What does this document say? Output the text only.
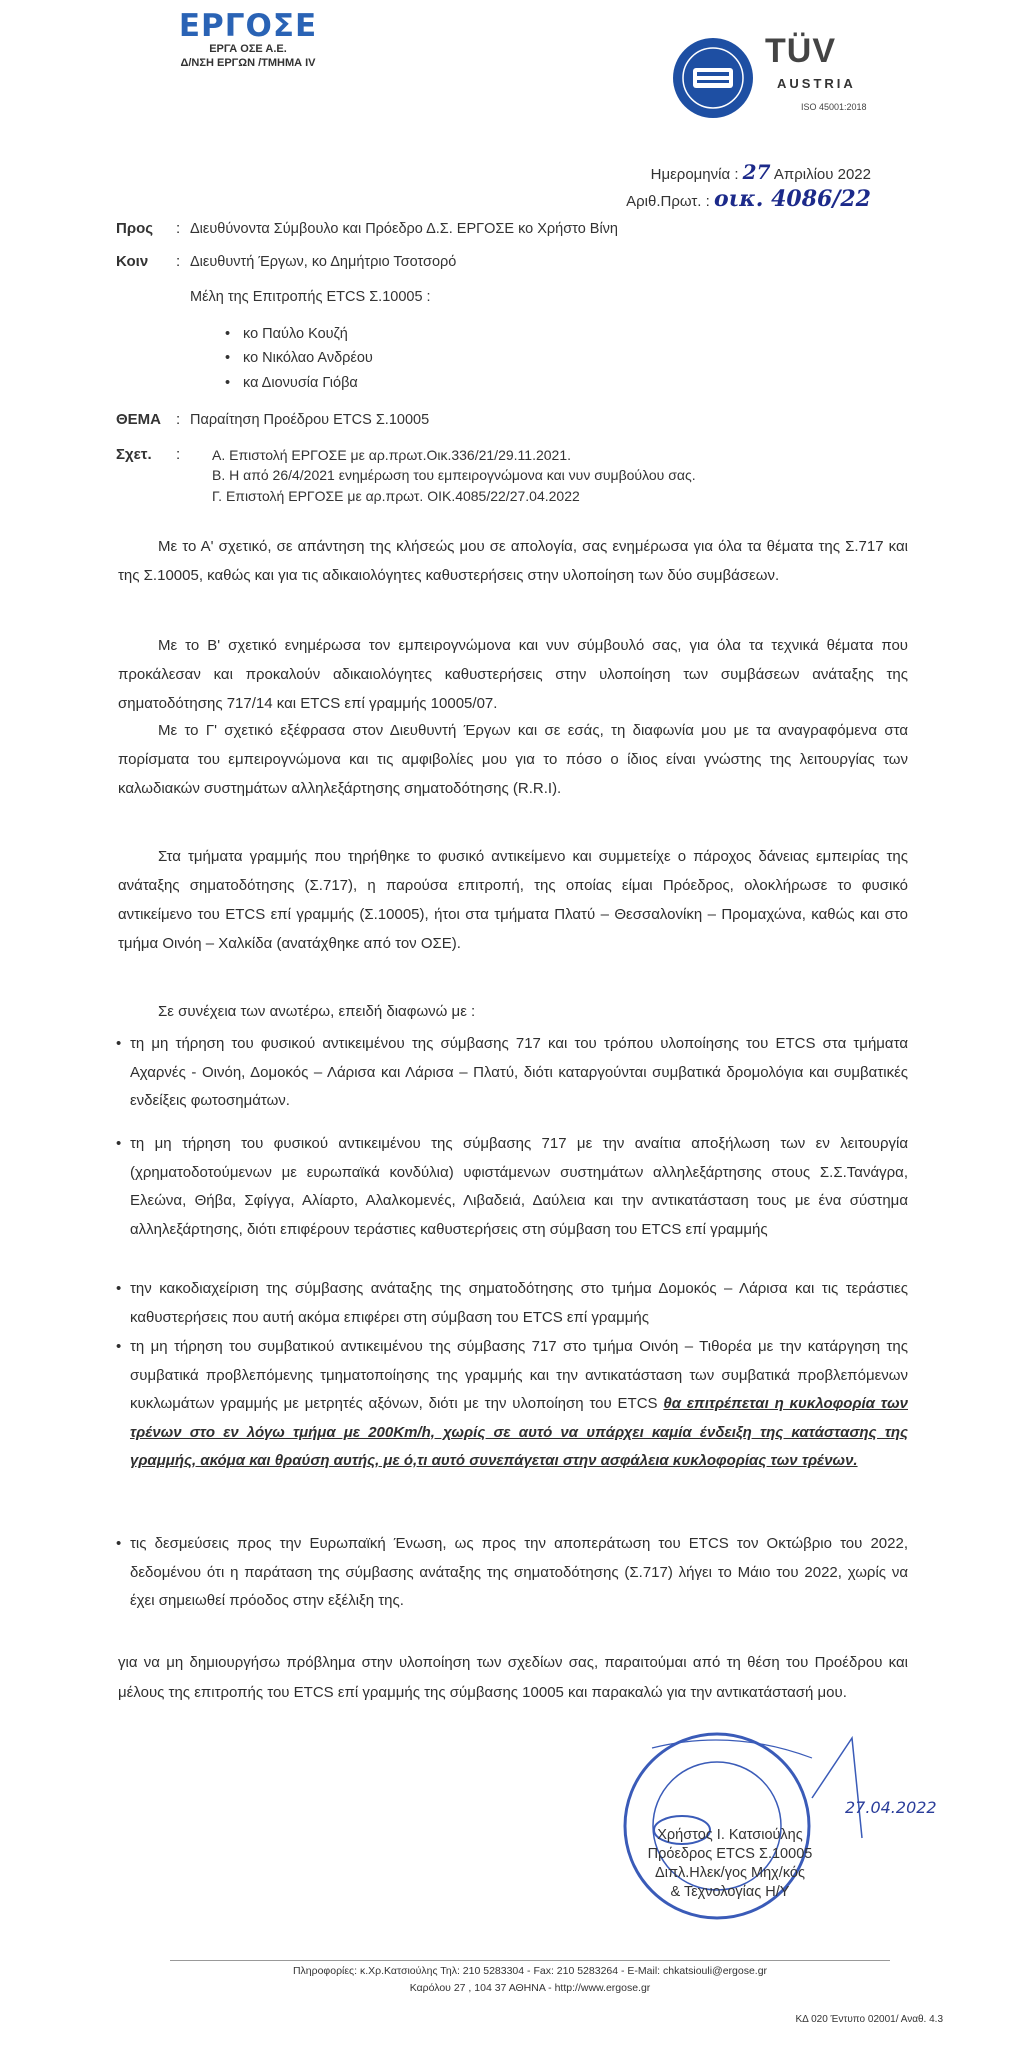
ΕΡΓΟΣΕ
ΕΡΓΑ ΟΣΕ Α.Ε.
Δ/ΝΣΗ ΕΡΓΩΝ /ΤΜΗΜΑ IV	TÜV
AUSTRIA
ISO 45001:2018
Ημερομηνία : 27 Απριλίου 2022
Αριθ.Πρωτ. : οικ. 4086/22
Προς : Διευθύνοντα Σύμβουλο και Πρόεδρο Δ.Σ. ΕΡΓΟΣΕ κο Χρήστο Βίνη
Κοιν : Διευθυντή Έργων, κο Δημήτριο Τσοτσορό
Μέλη της Επιτροπής ETCS Σ.10005 :
• κο Παύλο Κουζή
• κο Νικόλαο Ανδρέου
• κα Διονυσία Γιόβα
ΘΕΜΑ : Παραίτηση Προέδρου ETCS Σ.10005
Σχετ. : Α. Επιστολή ΕΡΓΟΣΕ με αρ.πρωτ.Οικ.336/21/29.11.2021.
Β. Η από 26/4/2021 ενημέρωση του εμπειρογνώμονα και νυν συμβούλου σας.
Γ. Επιστολή ΕΡΓΟΣΕ με αρ.πρωτ. ΟΙΚ.4085/22/27.04.2022
Με το Α' σχετικό, σε απάντηση της κλήσεώς μου σε απολογία, σας ενημέρωσα για όλα τα θέματα της Σ.717 και της Σ.10005, καθώς και για τις αδικαιολόγητες καθυστερήσεις στην υλοποίηση των δύο συμβάσεων.
Με το Β' σχετικό ενημέρωσα τον εμπειρογνώμονα και νυν σύμβουλό σας, για όλα τα τεχνικά θέματα που προκάλεσαν και προκαλούν αδικαιολόγητες καθυστερήσεις στην υλοποίηση των συμβάσεων ανάταξης της σηματοδότησης 717/14 και ETCS επί γραμμής 10005/07.
Με το Γ' σχετικό εξέφρασα στον Διευθυντή Έργων και σε εσάς, τη διαφωνία μου με τα αναγραφόμενα στα πορίσματα του εμπειρογνώμονα και τις αμφιβολίες μου για το πόσο ο ίδιος είναι γνώστης της λειτουργίας των καλωδιακών συστημάτων αλληλεξάρτησης σηματοδότησης (R.R.I).
Στα τμήματα γραμμής που τηρήθηκε το φυσικό αντικείμενο και συμμετείχε ο πάροχος δάνειας εμπειρίας της ανάταξης σηματοδότησης (Σ.717), η παρούσα επιτροπή, της οποίας είμαι Πρόεδρος, ολοκλήρωσε το φυσικό αντικείμενο του ETCS επί γραμμής (Σ.10005), ήτοι στα τμήματα Πλατύ – Θεσσαλονίκη – Προμαχώνα, καθώς και στο τμήμα Οινόη – Χαλκίδα (ανατάχθηκε από τον ΟΣΕ).
Σε συνέχεια των ανωτέρω, επειδή διαφωνώ με :
• τη μη τήρηση του φυσικού αντικειμένου της σύμβασης 717 και του τρόπου υλοποίησης του ETCS στα τμήματα Αχαρνές - Οινόη, Δομοκός – Λάρισα και Λάρισα – Πλατύ, διότι καταργούνται συμβατικά δρομολόγια και συμβατικές ενδείξεις φωτοσημάτων.
• τη μη τήρηση του φυσικού αντικειμένου της σύμβασης 717 με την αναίτια αποξήλωση των εν λειτουργία (χρηματοδοτούμενων με ευρωπαϊκά κονδύλια) υφιστάμενων συστημάτων αλληλεξάρτησης στους Σ.Σ.Τανάγρα, Ελεώνα, Θήβα, Σφίγγα, Αλίαρτο, Αλαλκομενές, Λιβαδειά, Δαύλεια και την αντικατάσταση τους με ένα σύστημα αλληλεξάρτησης, διότι επιφέρουν τεράστιες καθυστερήσεις στη σύμβαση του ETCS επί γραμμής
• την κακοδιαχείριση της σύμβασης ανάταξης της σηματοδότησης στο τμήμα Δομοκός – Λάρισα και τις τεράστιες καθυστερήσεις που αυτή ακόμα επιφέρει στη σύμβαση του ETCS επί γραμμής
• τη μη τήρηση του συμβατικού αντικειμένου της σύμβασης 717 στο τμήμα Οινόη – Τιθορέα με την κατάργηση της συμβατικά προβλεπόμενης τμηματοποίησης της γραμμής και την αντικατάσταση των συμβατικά προβλεπόμενων κυκλωμάτων γραμμής με μετρητές αξόνων, διότι με την υλοποίηση του ETCS θα επιτρέπεται η κυκλοφορία των τρένων στο εν λόγω τμήμα με 200Km/h, χωρίς σε αυτό να υπάρχει καμία ένδειξη της κατάστασης της γραμμής, ακόμα και θραύση αυτής, με ό,τι αυτό συνεπάγεται στην ασφάλεια κυκλοφορίας των τρένων.
• τις δεσμεύσεις προς την Ευρωπαϊκή Ένωση, ως προς την αποπεράτωση του ETCS τον Οκτώβριο του 2022, δεδομένου ότι η παράταση της σύμβασης ανάταξης της σηματοδότησης (Σ.717) λήγει το Μάιο του 2022, χωρίς να έχει σημειωθεί πρόοδος στην εξέλιξη της.
για να μη δημιουργήσω πρόβλημα στην υλοποίηση των σχεδίων σας, παραιτούμαι από τη θέση του Προέδρου και μέλους της επιτροπής του ETCS επί γραμμής της σύμβασης 10005 και παρακαλώ για την αντικατάστασή μου.
27.04.2022
Χρήστος Ι. Κατσιούλης
Πρόεδρος ETCS Σ.10005
Διπλ.Ηλεκ/γος Μηχ/κός
& Τεχνολογίας Η/Υ
Πληροφορίες: κ.Χρ.Κατσιούλης Τηλ: 210 5283304 - Fax: 210 5283264 - E-Mail: chkatsiouli@ergose.gr
Καρόλου 27 , 104 37 ΑΘΗΝΑ - http://www.ergose.gr
ΚΔ 020 Έντυπο 02001/ Αναθ. 4.3
